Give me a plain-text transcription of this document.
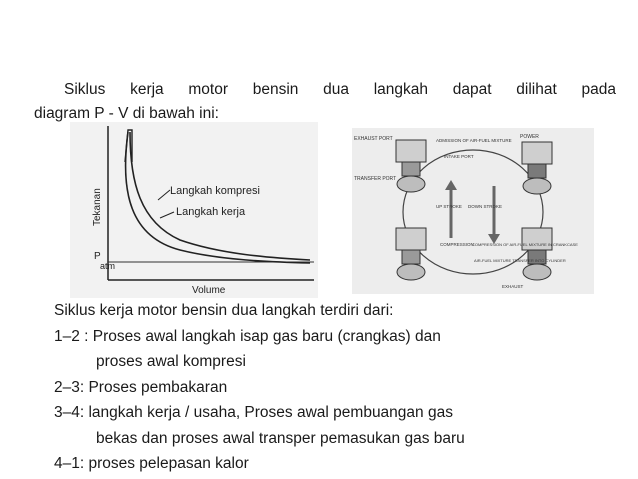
Siklus kerja motor bensin dua langkah dapat dilihat pada
diagram P - V di bawah ini:
Langkah kompresi
Langkah kerja
Tekanan
Volume
P
atm
EXHAUST PORT
TRANSFER PORT
ADMISSION OF AIR-FUEL MIXTURE
INTAKE PORT
POWER
UP STROKE DOWN STROKE
COMPRESSION
COMPRESSION OF AIR-FUEL MIXTURE IN CRANKCASE
AIR-FUEL MIXTURE TRANSFER INTO CYLINDER
EXHAUST
Siklus kerja motor bensin dua langkah terdiri dari:
1–2 : Proses awal langkah isap gas baru (crangkas) dan
proses awal kompresi
2–3: Proses pembakaran
3–4: langkah kerja / usaha, Proses awal pembuangan gas
bekas dan proses awal transper pemasukan gas baru
4–1: proses pelepasan kalor
